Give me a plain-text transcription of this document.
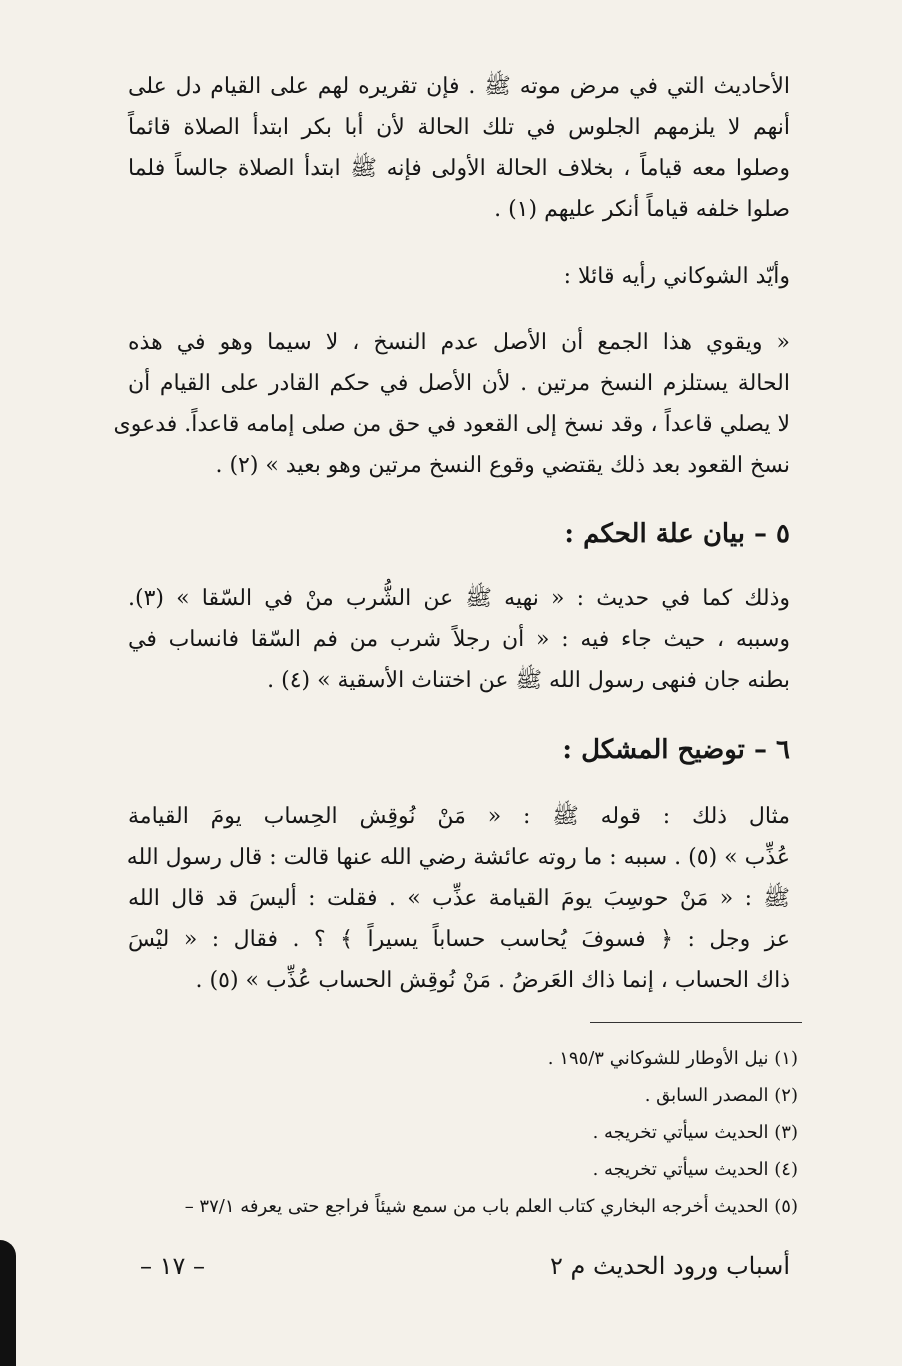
الأحاديث التي في مرض موته ﷺ . فإن تقريره لهم على القيام دل على
أنهم لا يلزمهم الجلوس في تلك الحالة لأن أبا بكر ابتدأ الصلاة قائماً
وصلوا معه قياماً ، بخلاف الحالة الأولى فإنه ﷺ ابتدأ الصلاة جالساً فلما
صلوا خلفه قياماً أنكر عليهم (١) .
وأيّد الشوكاني رأيه قائلا :
« ويقوي هذا الجمع أن الأصل عدم النسخ ، لا سيما وهو في هذه
الحالة يستلزم النسخ مرتين . لأن الأصل في حكم القادر على القيام أن
لا يصلي قاعداً ، وقد نسخ إلى القعود في حق من صلى إمامه قاعداً. فدعوى
نسخ القعود بعد ذلك يقتضي وقوع النسخ مرتين وهو بعيد » (٢) .
٥ – بيان علة الحكم :
وذلك كما في حديث : « نهيه ﷺ عن الشُّرب منْ في السّقا » (٣).
وسببه ، حيث جاء فيه : « أن رجلاً شرب من فم السّقا فانساب في
بطنه جان فنهى رسول الله ﷺ عن اختناث الأسقية » (٤) .
٦ – توضيح المشكل :
مثال ذلك : قوله ﷺ : « مَنْ نُوقِش الحِساب يومَ القيامة
عُذِّب » (٥) . سببه : ما روته عائشة رضي الله عنها قالت : قال رسول الله
ﷺ : « مَنْ حوسِبَ يومَ القيامة عذِّب » . فقلت : أليسَ قد قال الله
عز وجل : ﴿ فسوفَ يُحاسب حساباً يسيراً ﴾ ؟ . فقال : « ليْسَ
ذاك الحساب ، إنما ذاك العَرضُ . مَنْ نُوقِش الحساب عُذِّب » (٥) .
(١) نيل الأوطار للشوكاني ١٩٥/٣ .
(٢) المصدر السابق .
(٣) الحديث سيأتي تخريجه .
(٤) الحديث سيأتي تخريجه .
(٥) الحديث أخرجه البخاري كتاب العلم باب من سمع شيئاً فراجع حتى يعرفه ٣٧/١ –
أسباب ورود الحديث م ٢
– ١٧ –
